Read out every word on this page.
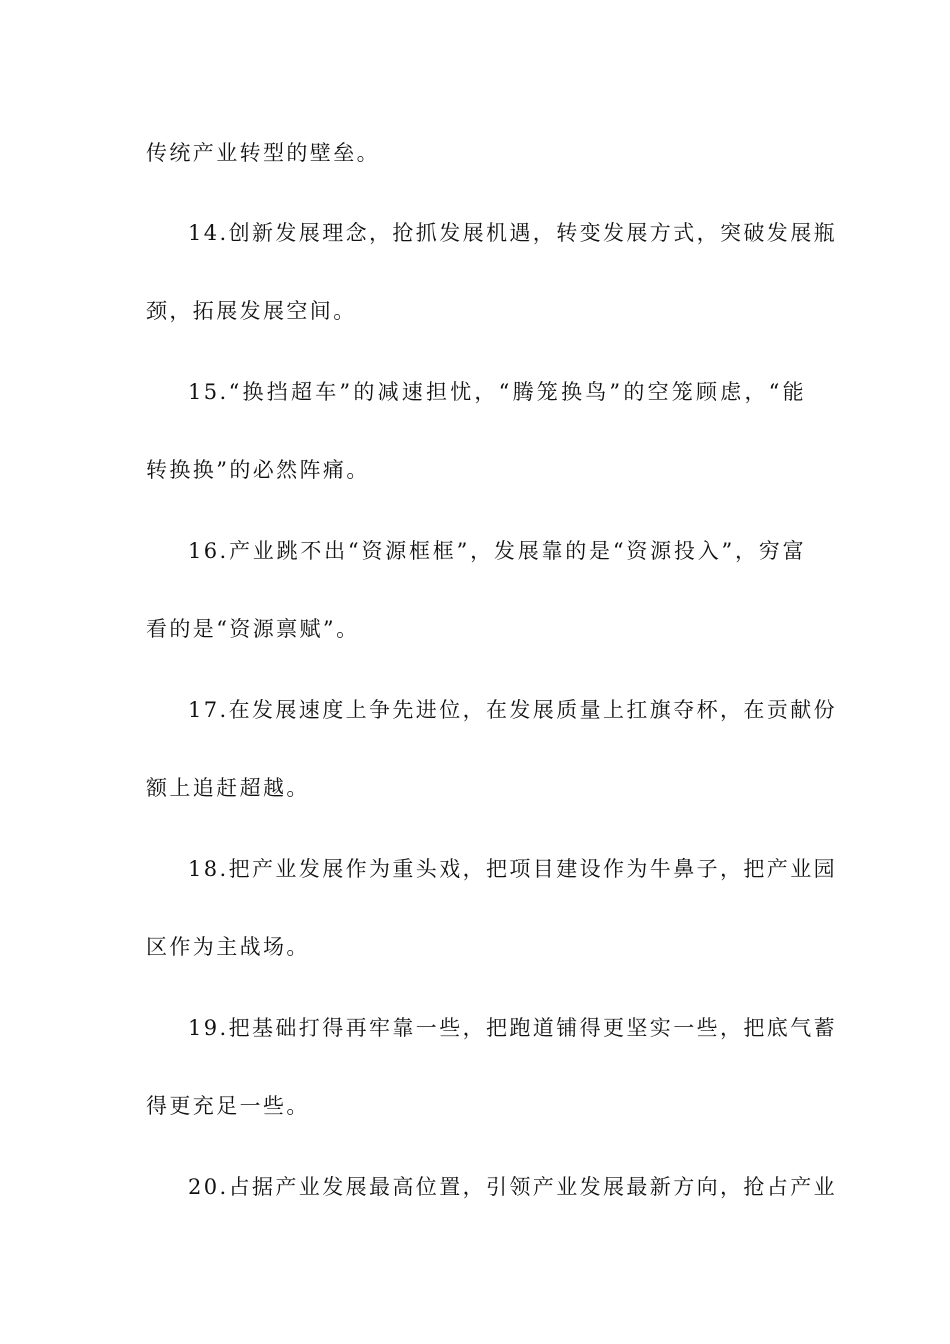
传统产业转型的壁垒。
14.创新发展理念，抢抓发展机遇，转变发展方式，突破发展瓶
颈，拓展发展空间。
15.“换挡超车”的减速担忧，“腾笼换鸟”的空笼顾虑，“能
转换换”的必然阵痛。
16.产业跳不出“资源框框”，发展靠的是“资源投入”，穷富
看的是“资源禀赋”。
17.在发展速度上争先进位，在发展质量上扛旗夺杯，在贡献份
额上追赶超越。
18.把产业发展作为重头戏，把项目建设作为牛鼻子，把产业园
区作为主战场。
19.把基础打得再牢靠一些，把跑道铺得更坚实一些，把底气蓄
得更充足一些。
20.占据产业发展最高位置，引领产业发展最新方向，抢占产业
